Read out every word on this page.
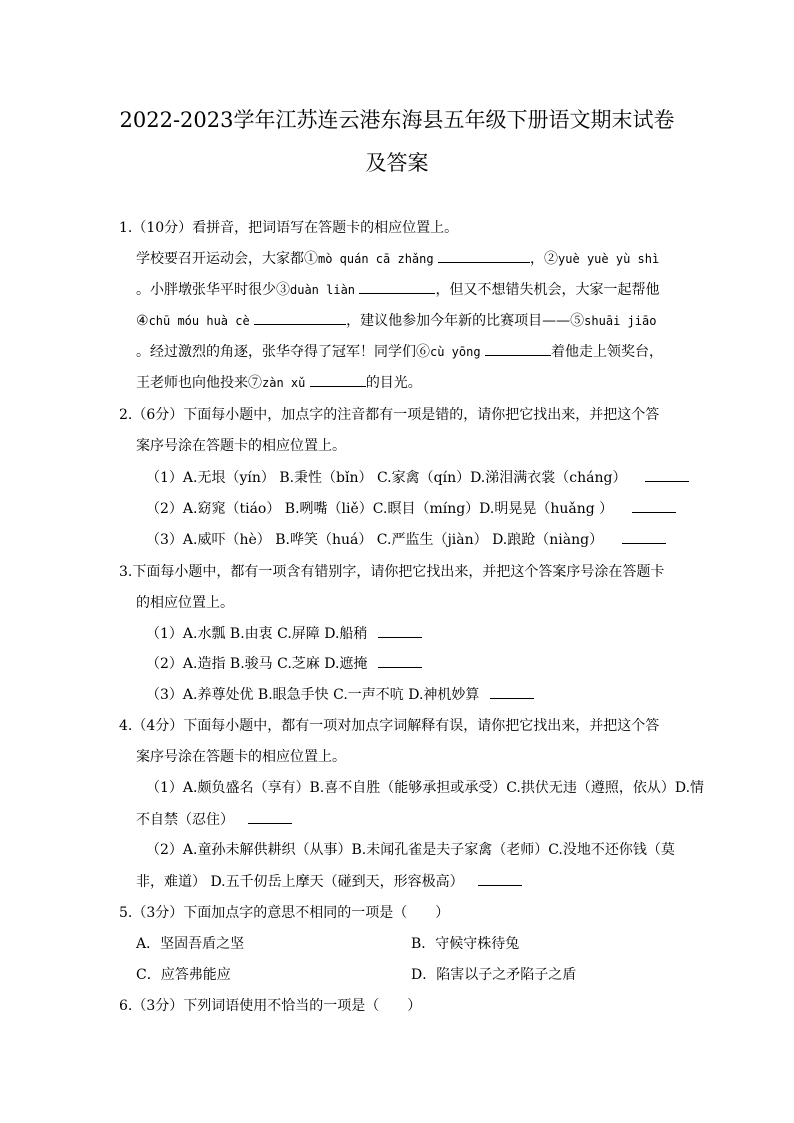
2022-2023学年江苏连云港东海县五年级下册语文期末试卷
及答案
1.（10分）看拼音，把词语写在答题卡的相应位置上。
学校要召开运动会，大家都①mò quán cā zhǎng	，②yuè yuè yù shì
。小胖墩张华平时很少③duàn liàn	，但又不想错失机会，大家一起帮他
④chū móu huà cè	，建议他参加今年新的比赛项目——⑤shuāi jiāo
。经过激烈的角逐，张华夺得了冠军！同学们⑥cù yōng	着他走上领奖台，
王老师也向他投来⑦zàn xǔ	的目光。
2.（6分）下面每小题中，加点字的注音都有一项是错的，请你把它找出来，并把这个答
案序号涂在答题卡的相应位置上。
（1）A.无垠（yín） B.秉性（bǐn） C.家禽（qín）D.涕泪满衣裳（cháng）
（2）A.窈窕（tiáo） B.咧嘴（liě）C.瞑目（míng）D.明晃晃（huǎng ）
（3）A.威吓（hè） B.哗笑（huá） C.严监生（jiàn） D.踉跄（niàng）
3.下面每小题中，都有一项含有错别字，请你把它找出来，并把这个答案序号涂在答题卡
的相应位置上。
（1）A.水瓢 B.由衷 C.屏障 D.船稍
（2）A.造指 B.骏马 C.芝麻 D.遮掩
（3）A.养尊处优 B.眼急手快 C.一声不吭 D.神机妙算
4.（4分）下面每小题中，都有一项对加点字词解释有误，请你把它找出来，并把这个答
案序号涂在答题卡的相应位置上。
（1）A.颇负盛名（享有）B.喜不自胜（能够承担或承受）C.拱伏无违（遵照，依从）D.情
不自禁（忍住）
（2）A.童孙未解供耕织（从事）B.未闻孔雀是夫子家禽（老师）C.没地不还你钱（莫
非，难道） D.五千仞岳上摩天（碰到天，形容极高）
5.（3分）下面加点字的意思不相同的一项是（　　）
A．坚固吾盾之坚	B．守候守株待兔
C．应答弗能应	D．陷害以子之矛陷子之盾
6.（3分）下列词语使用不恰当的一项是（　　）
